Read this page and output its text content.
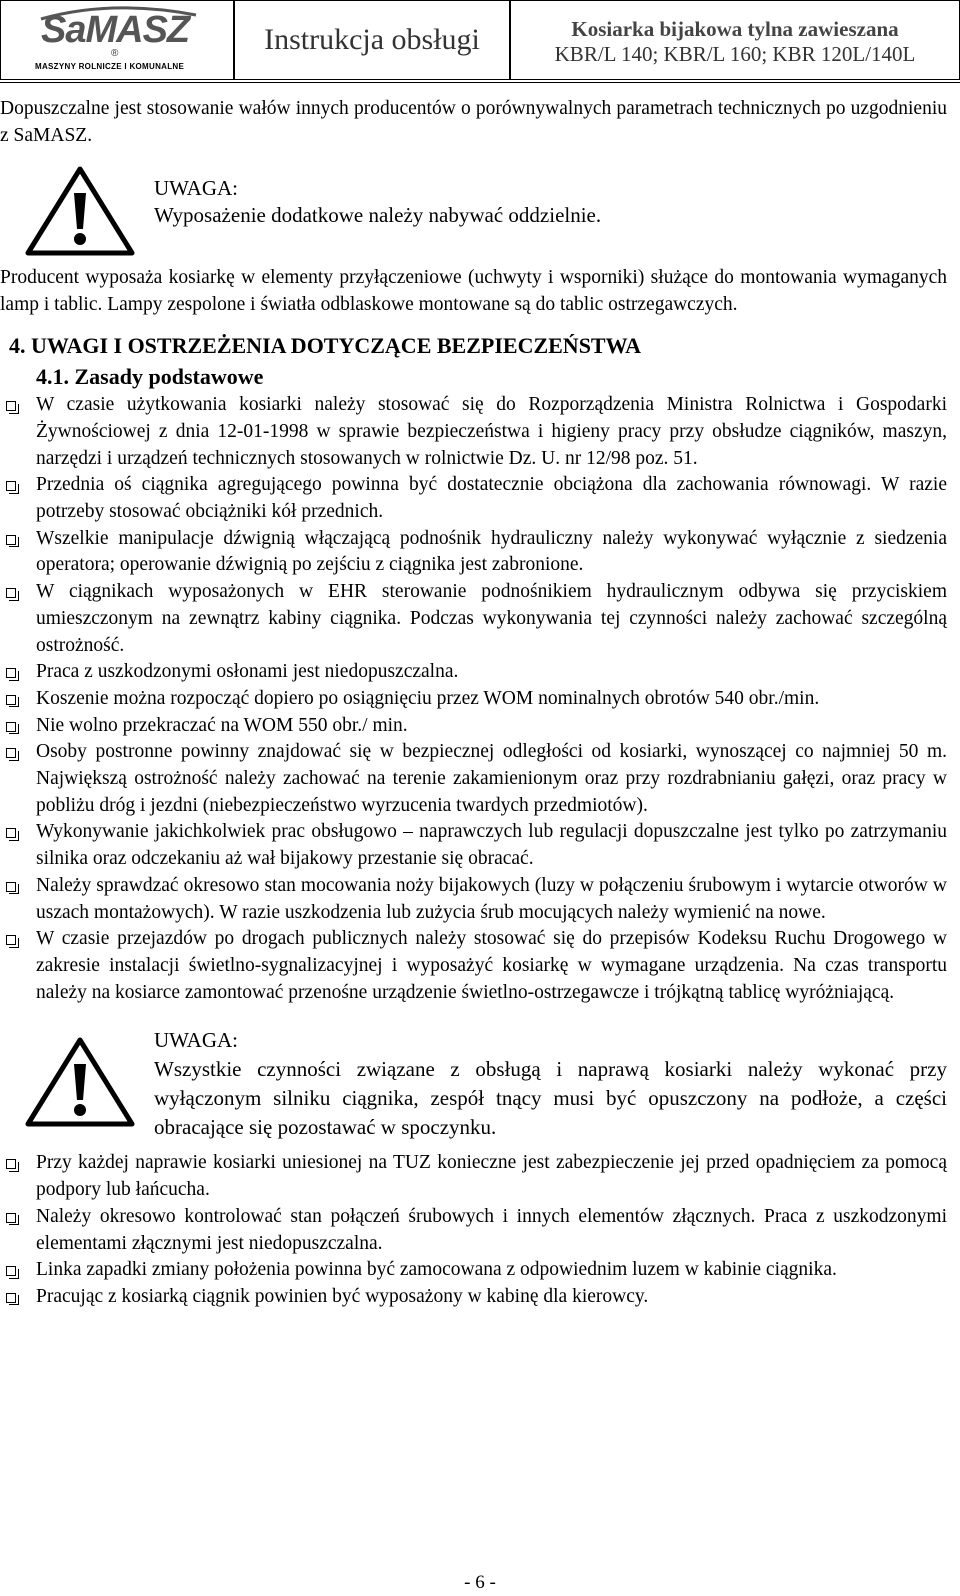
SaMASZ
®
MASZYNY ROLNICZE I KOMUNALNE
Instrukcja obsługi	Kosiarka bijakowa tylna zawieszana
KBR/L 140; KBR/L 160; KBR 120L/140L

Dopuszczalne jest stosowanie wałów innych producentów o porównywalnych parametrach technicznych po uzgodnieniu z SaMASZ.

UWAGA:
Wyposażenie dodatkowe należy nabywać oddzielnie.

Producent wyposaża kosiarkę w elementy przyłączeniowe (uchwyty i wsporniki) służące do montowania wymaganych lamp i tablic. Lampy zespolone i światła odblaskowe montowane są do tablic ostrzegawczych.

4. UWAGI I OSTRZEŻENIA DOTYCZĄCE BEZPIECZEŃSTWA
4.1. Zasady podstawowe
W czasie użytkowania kosiarki należy stosować się do Rozporządzenia Ministra Rolnictwa i Gospodarki Żywnościowej z dnia 12-01-1998 w sprawie bezpieczeństwa i higieny pracy przy obsłudze ciągników, maszyn, narzędzi i urządzeń technicznych stosowanych w rolnictwie Dz. U. nr 12/98 poz. 51.
Przednia oś ciągnika agregującego powinna być dostatecznie obciążona dla zachowania równowagi. W razie potrzeby stosować obciążniki kół przednich.
Wszelkie manipulacje dźwignią włączającą podnośnik hydrauliczny należy wykonywać wyłącznie z siedzenia operatora; operowanie dźwignią po zejściu z ciągnika jest zabronione.
W ciągnikach wyposażonych w EHR sterowanie podnośnikiem hydraulicznym odbywa się przyciskiem umieszczonym na zewnątrz kabiny ciągnika. Podczas wykonywania tej czynności należy zachować szczególną ostrożność.
Praca z uszkodzonymi osłonami jest niedopuszczalna.
Koszenie można rozpocząć dopiero po osiągnięciu przez WOM nominalnych obrotów 540 obr./min.
Nie wolno przekraczać na WOM 550 obr./ min.
Osoby postronne powinny znajdować się w bezpiecznej odległości od kosiarki, wynoszącej co najmniej 50 m. Największą ostrożność należy zachować na terenie zakamienionym oraz przy rozdrabnianiu gałęzi, oraz pracy w pobliżu dróg i jezdni (niebezpieczeństwo wyrzucenia twardych przedmiotów).
Wykonywanie jakichkolwiek prac obsługowo – naprawczych lub regulacji dopuszczalne jest tylko po zatrzymaniu silnika oraz odczekaniu aż wał bijakowy przestanie się obracać.
Należy sprawdzać okresowo stan mocowania noży bijakowych (luzy w połączeniu śrubowym i wytarcie otworów w uszach montażowych). W razie uszkodzenia lub zużycia śrub mocujących należy wymienić na nowe.
W czasie przejazdów po drogach publicznych należy stosować się do przepisów Kodeksu Ruchu Drogowego w zakresie instalacji świetlno-sygnalizacyjnej i wyposażyć kosiarkę w wymagane urządzenia. Na czas transportu należy na kosiarce zamontować przenośne urządzenie świetlno-ostrzegawcze i trójkątną tablicę wyróżniającą.
UWAGA:
Wszystkie czynności związane z obsługą i naprawą kosiarki należy wykonać przy wyłączonym silniku ciągnika, zespół tnący musi być opuszczony na podłoże, a części obracające się pozostawać w spoczynku.
Przy każdej naprawie kosiarki uniesionej na TUZ konieczne jest zabezpieczenie jej przed opadnięciem za pomocą podpory lub łańcucha.
Należy okresowo kontrolować stan połączeń śrubowych i innych elementów złącznych. Praca z uszkodzonymi elementami złącznymi jest niedopuszczalna.
Linka zapadki zmiany położenia powinna być zamocowana z odpowiednim luzem w kabinie ciągnika.
Pracując z kosiarką ciągnik powinien być wyposażony w kabinę dla kierowcy.
- 6 -
